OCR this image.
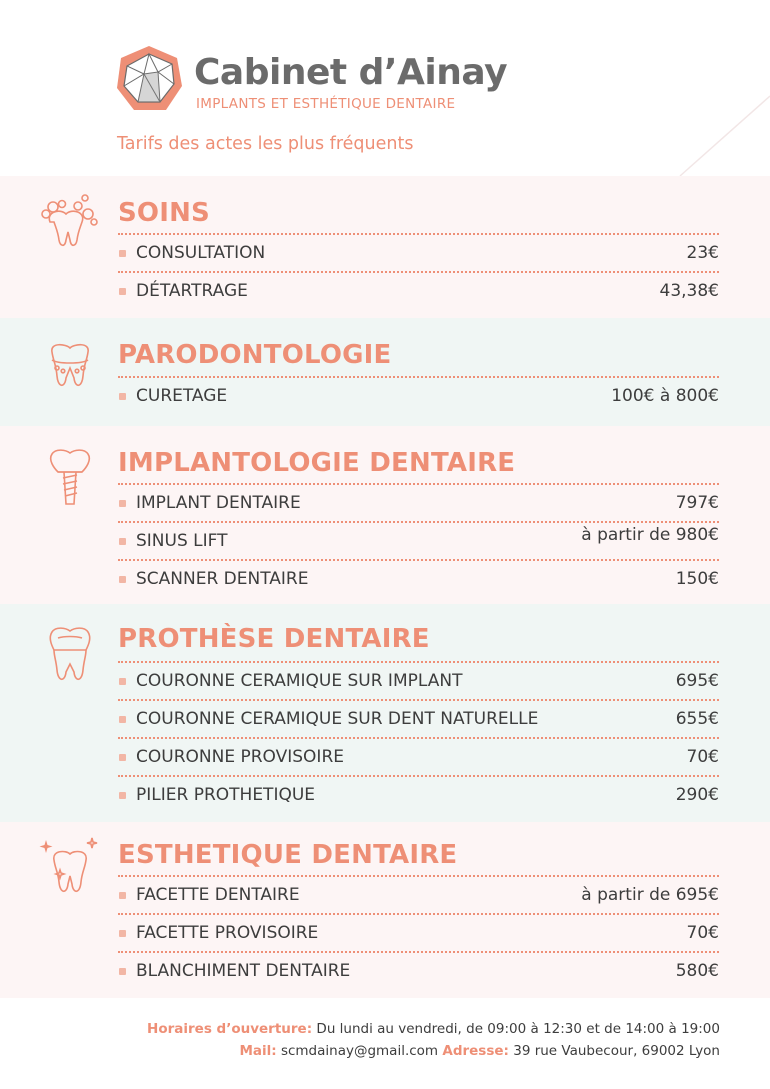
Cabinet d’Ainay
IMPLANTS ET ESTHÉTIQUE DENTAIRE
Tarifs des actes les plus fréquents
SOINS
CONSULTATION	23€
DÉTARTRAGE	43,38€
PARODONTOLOGIE
CURETAGE	100€ à 800€
IMPLANTOLOGIE DENTAIRE
IMPLANT DENTAIRE	797€
SINUS LIFT	à partir de 980€
SCANNER DENTAIRE	150€
PROTHÈSE DENTAIRE
COURONNE CERAMIQUE SUR IMPLANT	695€
COURONNE CERAMIQUE SUR DENT NATURELLE	655€
COURONNE PROVISOIRE	70€
PILIER PROTHETIQUE	290€
ESTHETIQUE DENTAIRE
FACETTE DENTAIRE	à partir de 695€
FACETTE PROVISOIRE	70€
BLANCHIMENT DENTAIRE	580€
Horaires d’ouverture: Du lundi au vendredi, de 09:00 à 12:30 et de 14:00 à 19:00
Mail: scmdainay@gmail.com Adresse: 39 rue Vaubecour, 69002 Lyon
